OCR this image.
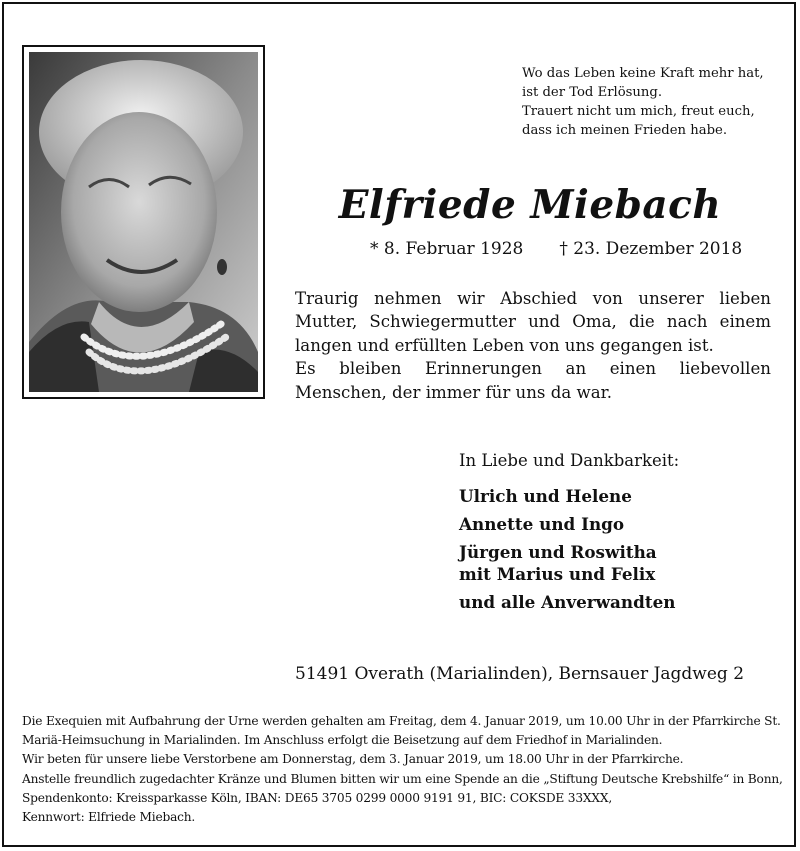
Wo das Leben keine Kraft mehr hat,
ist der Tod Erlösung.
Trauert nicht um mich, freut euch,
dass ich meinen Frieden habe.
Elfriede Miebach
* 8. Februar 1928 † 23. Dezember 2018

Traurig nehmen wir Abschied von unserer lieben Mutter, Schwiegermutter und Oma, die nach einem langen und erfüllten Leben von uns gegangen ist.

Es bleiben Erinnerungen an einen liebevollen Menschen, der immer für uns da war.

In Liebe und Dankbarkeit:
Ulrich und Helene
Annette und Ingo
Jürgen und Roswitha
mit Marius und Felix
und alle Anverwandten
51491 Overath (Marialinden), Bernsauer Jagdweg 2
Die Exequien mit Aufbahrung der Urne werden gehalten am Freitag, dem 4. Januar 2019, um 10.00 Uhr in der Pfarrkirche St.
Mariä-Heimsuchung in Marialinden. Im Anschluss erfolgt die Beisetzung auf dem Friedhof in Marialinden.
Wir beten für unsere liebe Verstorbene am Donnerstag, dem 3. Januar 2019, um 18.00 Uhr in der Pfarrkirche.
Anstelle freundlich zugedachter Kränze und Blumen bitten wir um eine Spende an die „Stiftung Deutsche Krebshilfe“ in Bonn,
Spendenkonto: Kreissparkasse Köln, IBAN: DE65 3705 0299 0000 9191 91, BIC: COKSDE 33XXX,
Kennwort: Elfriede Miebach.
